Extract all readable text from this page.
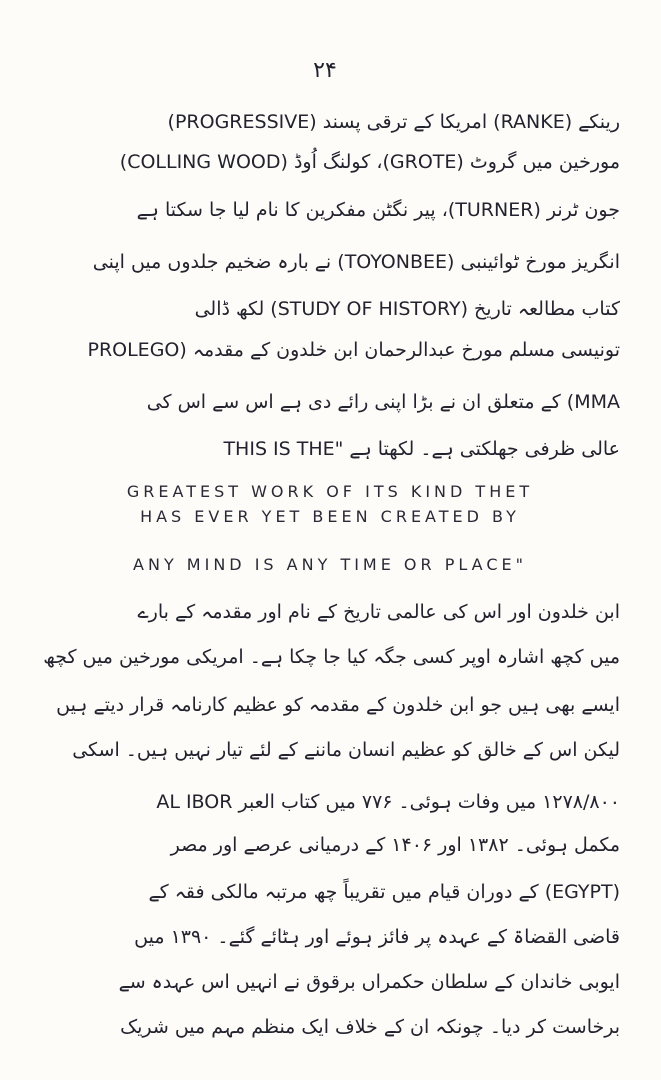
۲۴
رینکے (RANKE) امریکا کے ترقی پسند (PROGRESSIVE)
مورخین میں گروٹ (GROTE)، کولنگ اُوڈ (COLLING WOOD)
جون ٹرنر (TURNER)، پیر نگٹن مفکرین کا نام لیا جا سکتا ہے
انگریز مورخ ٹوائینبی (TOYONBEE) نے بارہ ضخیم جلدوں میں اپنی
کتاب مطالعہ تاریخ (STUDY OF HISTORY) لکھ ڈالی
تونیسی مسلم مورخ عبدالرحمان ابن خلدون کے مقدمہ (PROLEGO
MMA) کے متعلق ان نے بڑا اپنی رائے دی ہے اس سے اس کی
عالی ظرفی جھلکتی ہے۔ لکھتا ہے "THIS IS THE
GREATEST WORK OF ITS KIND THET
HAS EVER YET BEEN CREATED BY
ANY MIND IS ANY TIME OR PLACE"
ابن خلدون اور اس کی عالمی تاریخ کے نام اور مقدمہ کے بارے
میں کچھ اشارہ اوپر کسی جگہ کیا جا چکا ہے۔ امریکی مورخین میں کچھ
ایسے بھی ہیں جو ابن خلدون کے مقدمہ کو عظیم کارنامہ قرار دیتے ہیں
لیکن اس کے خالق کو عظیم انسان ماننے کے لئے تیار نہیں ہیں۔ اسکی
۱۲۷۸/۸۰۰ میں وفات ہوئی۔ ۷۷۶ میں کتاب العبر AL IBOR
مکمل ہوئی۔ ۱۳۸۲ اور ۱۴۰۶ کے درمیانی عرصے اور مصر
(EGYPT) کے دوران قیام میں تقریباً چھ مرتبہ مالکی فقہ کے
قاضی القضاۃ کے عہدہ پر فائز ہوئے اور ہٹائے گئے۔ ۱۳۹۰ میں
ایوبی خاندان کے سلطان حکمراں برقوق نے انہیں اس عہدہ سے
برخاست کر دیا۔ چونکہ ان کے خلاف ایک منظم مہم میں شریک
